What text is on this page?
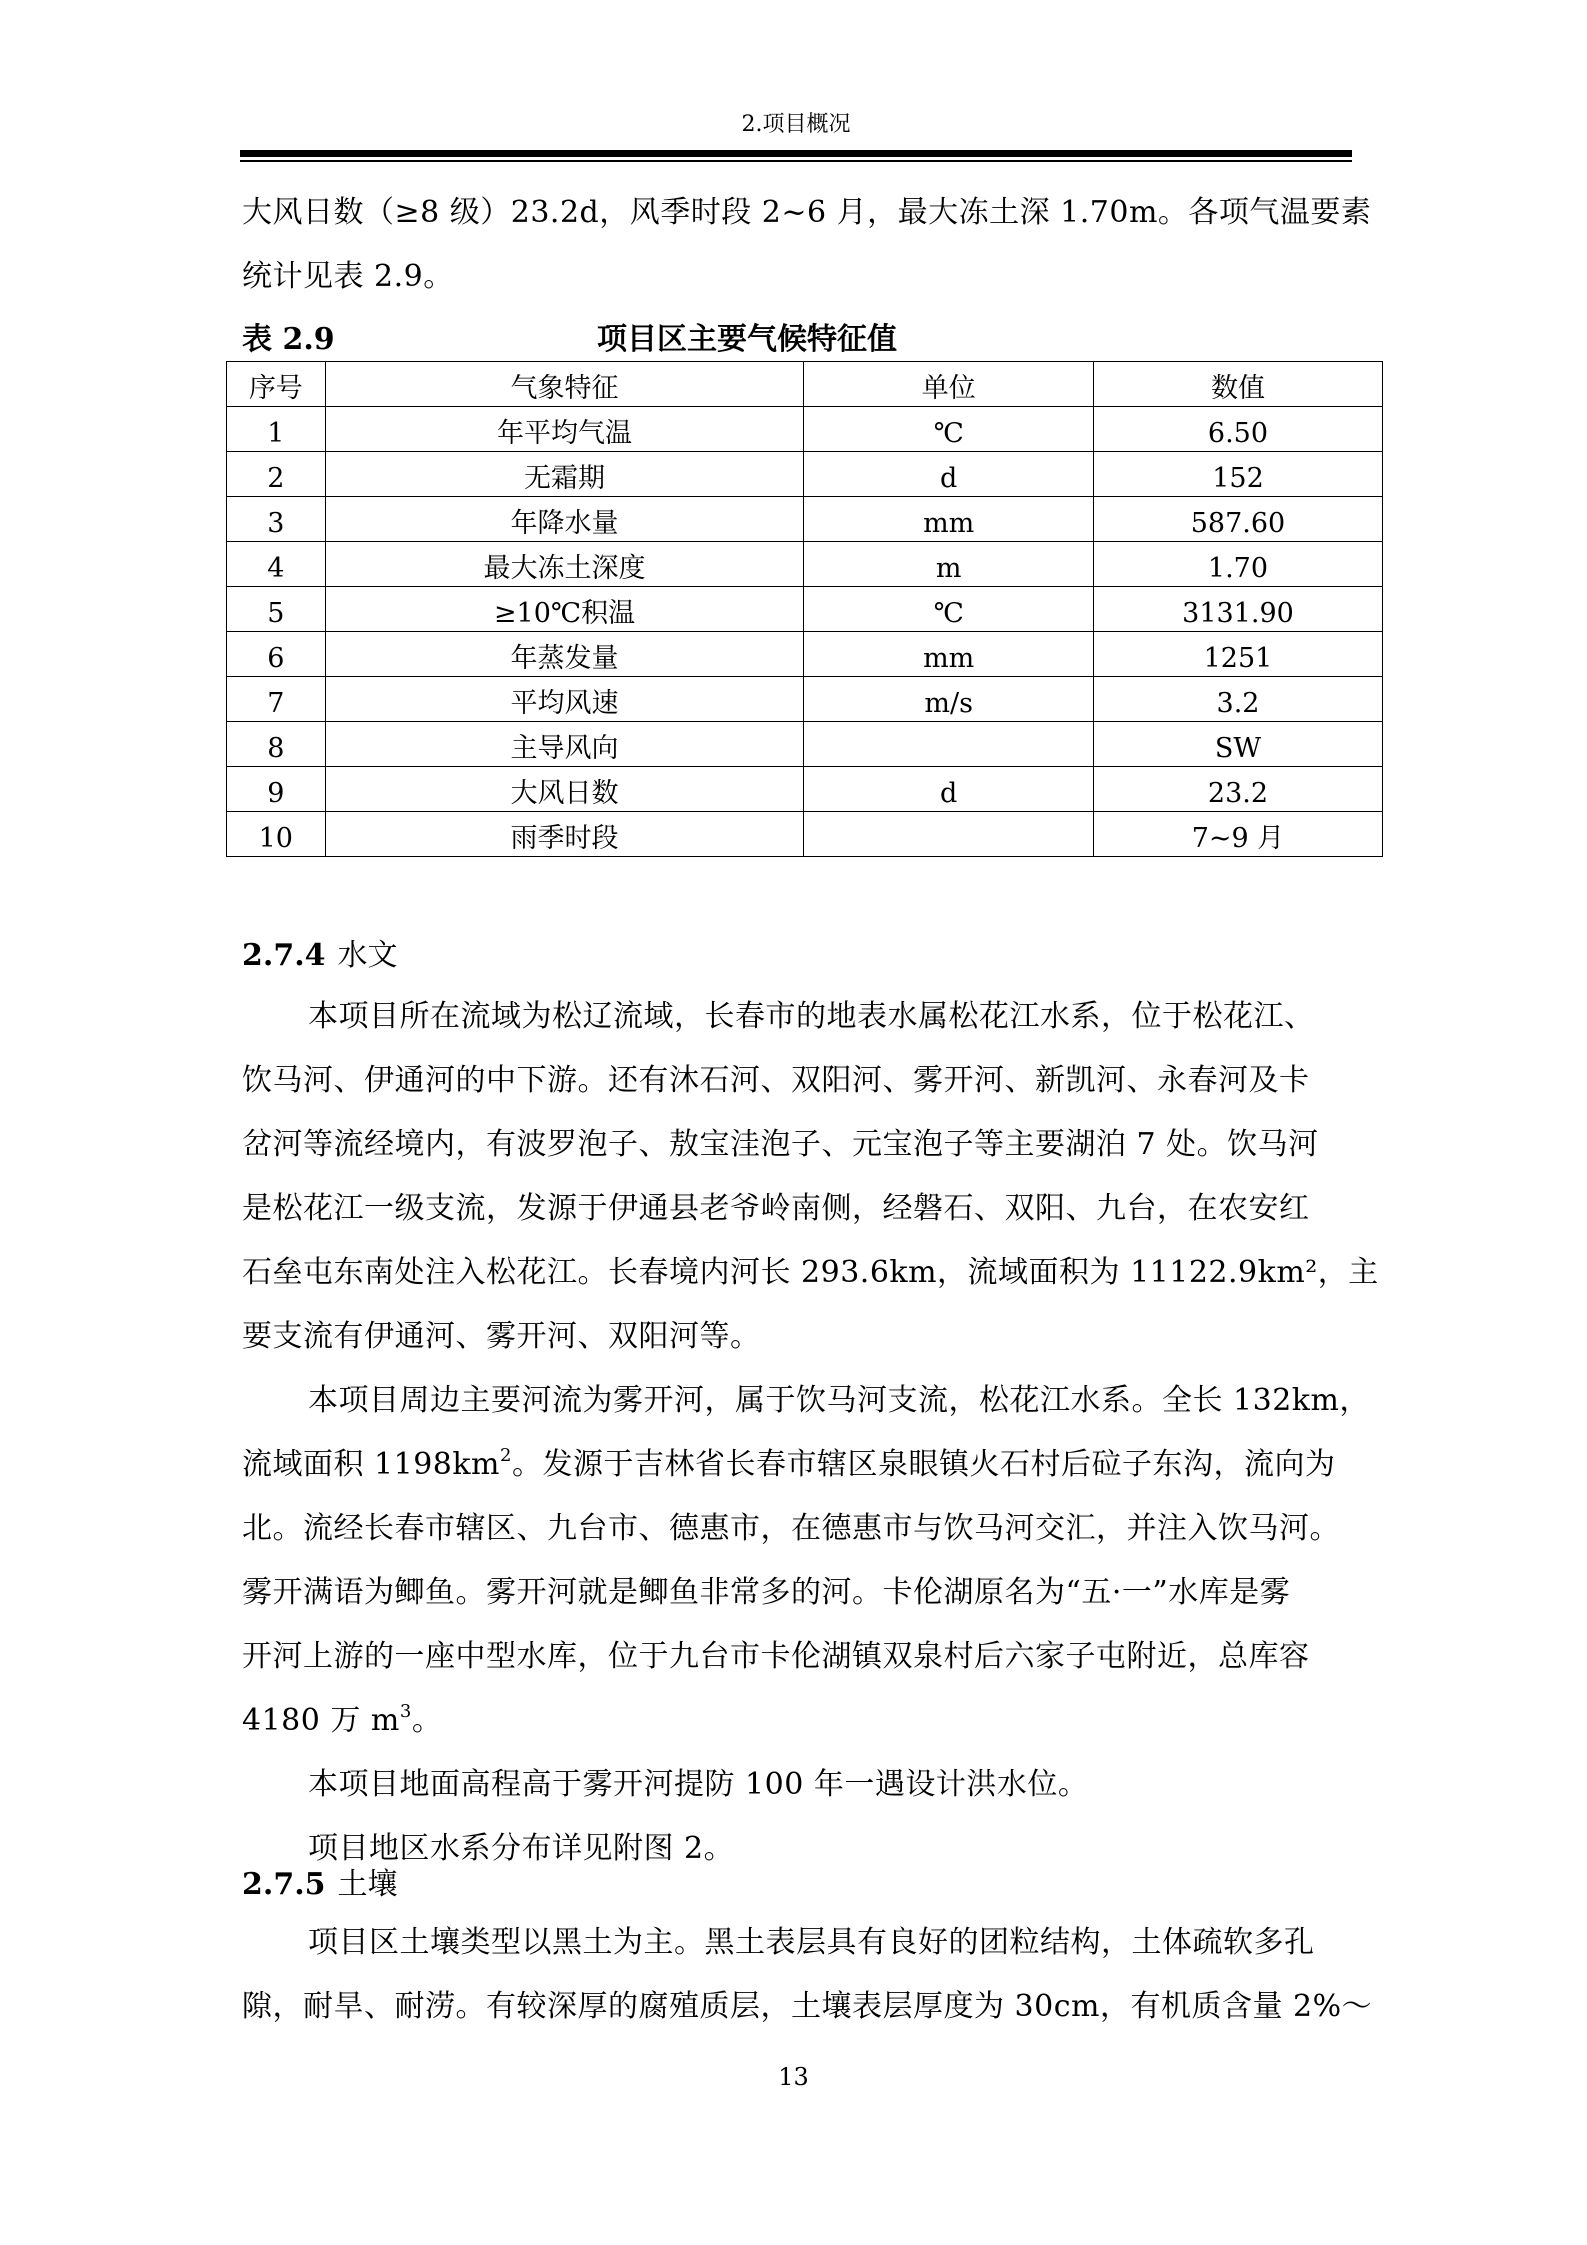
2.项目概况
大风日数（≥8 级）23.2d，风季时段 2~6 月，最大冻土深 1.70m。各项气温要素
统计见表 2.9。
表 2.9	项目区主要气候特征值
序号	气象特征	单位	数值
1	年平均气温	℃	6.50
2	无霜期	d	152
3	年降水量	mm	587.60
4	最大冻土深度	m	1.70
5	≥10℃积温	℃	3131.90
6	年蒸发量	mm	1251
7	平均风速	m/s	3.2
8	主导风向		SW
9	大风日数	d	23.2
10	雨季时段		7~9 月
2.7.4 水文
本项目所在流域为松辽流域，长春市的地表水属松花江水系，位于松花江、
饮马河、伊通河的中下游。还有沐石河、双阳河、雾开河、新凯河、永春河及卡
岔河等流经境内，有波罗泡子、敖宝洼泡子、元宝泡子等主要湖泊 7 处。饮马河
是松花江一级支流，发源于伊通县老爷岭南侧，经磐石、双阳、九台，在农安红
石垒屯东南处注入松花江。长春境内河长 293.6km，流域面积为 11122.9km²，主
要支流有伊通河、雾开河、双阳河等。
本项目周边主要河流为雾开河，属于饮马河支流，松花江水系。全长 132km，
流域面积 $1198km^2$。发源于吉林省长春市辖区泉眼镇火石村后砬子东沟，流向为
北。流经长春市辖区、九台市、德惠市，在德惠市与饮马河交汇，并注入饮马河。
雾开满语为鲫鱼。雾开河就是鲫鱼非常多的河。卡伦湖原名为“五·一”水库是雾
开河上游的一座中型水库，位于九台市卡伦湖镇双泉村后六家子屯附近，总库容
4180 万 $m^3$。
本项目地面高程高于雾开河提防 100 年一遇设计洪水位。
项目地区水系分布详见附图 2。
2.7.5 土壤
项目区土壤类型以黑土为主。黑土表层具有良好的团粒结构，土体疏软多孔
隙，耐旱、耐涝。有较深厚的腐殖质层，土壤表层厚度为 30cm，有机质含量 2%～
13
